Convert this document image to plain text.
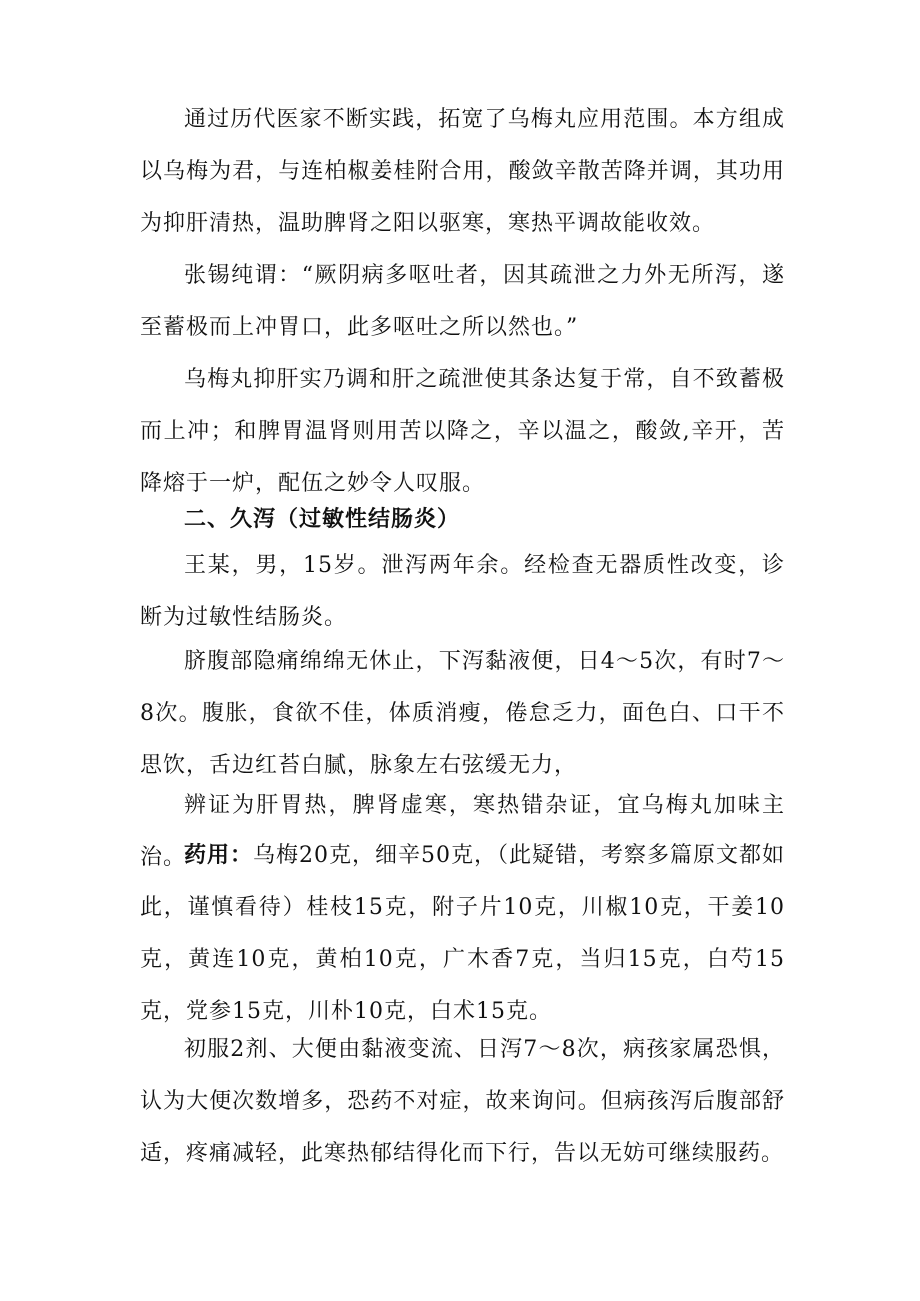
通过历代医家不断实践，拓宽了乌梅丸应用范围。本方组成以乌梅为君，与连柏椒姜桂附合用，酸敛辛散苦降并调，其功用为抑肝清热，温助脾肾之阳以驱寒，寒热平调故能收效。

张锡纯谓：“厥阴病多呕吐者，因其疏泄之力外无所泻，遂至蓄极而上冲胃口，此多呕吐之所以然也。”

乌梅丸抑肝实乃调和肝之疏泄使其条达复于常，自不致蓄极而上冲；和脾胃温肾则用苦以降之，辛以温之，酸敛,辛开，苦降熔于一炉，配伍之妙令人叹服。

二、久泻（过敏性结肠炎）

王某，男，15岁。泄泻两年余。经检查无器质性改变，诊断为过敏性结肠炎。

脐腹部隐痛绵绵无休止，下泻黏液便，日4～5次，有时7～8次。腹胀，食欲不佳，体质消瘦，倦怠乏力，面色白、口干不思饮，舌边红苔白腻，脉象左右弦缓无力，

辨证为肝胃热，脾肾虚寒，寒热错杂证，宜乌梅丸加味主治。

药用：乌梅20克，细辛50克，（此疑错，考察多篇原文都如此，谨慎看待）桂枝15克，附子片10克，川椒10克，干姜10克，黄连10克，黄柏10克，广木香7克，当归15克，白芍15克，党参15克，川朴10克，白术15克。

初服2剂、大便由黏液变流、日泻7～8次，病孩家属恐惧，认为大便次数增多，恐药不对症，故来询问。但病孩泻后腹部舒适，疼痛减轻，此寒热郁结得化而下行，告以无妨可继续服药。
